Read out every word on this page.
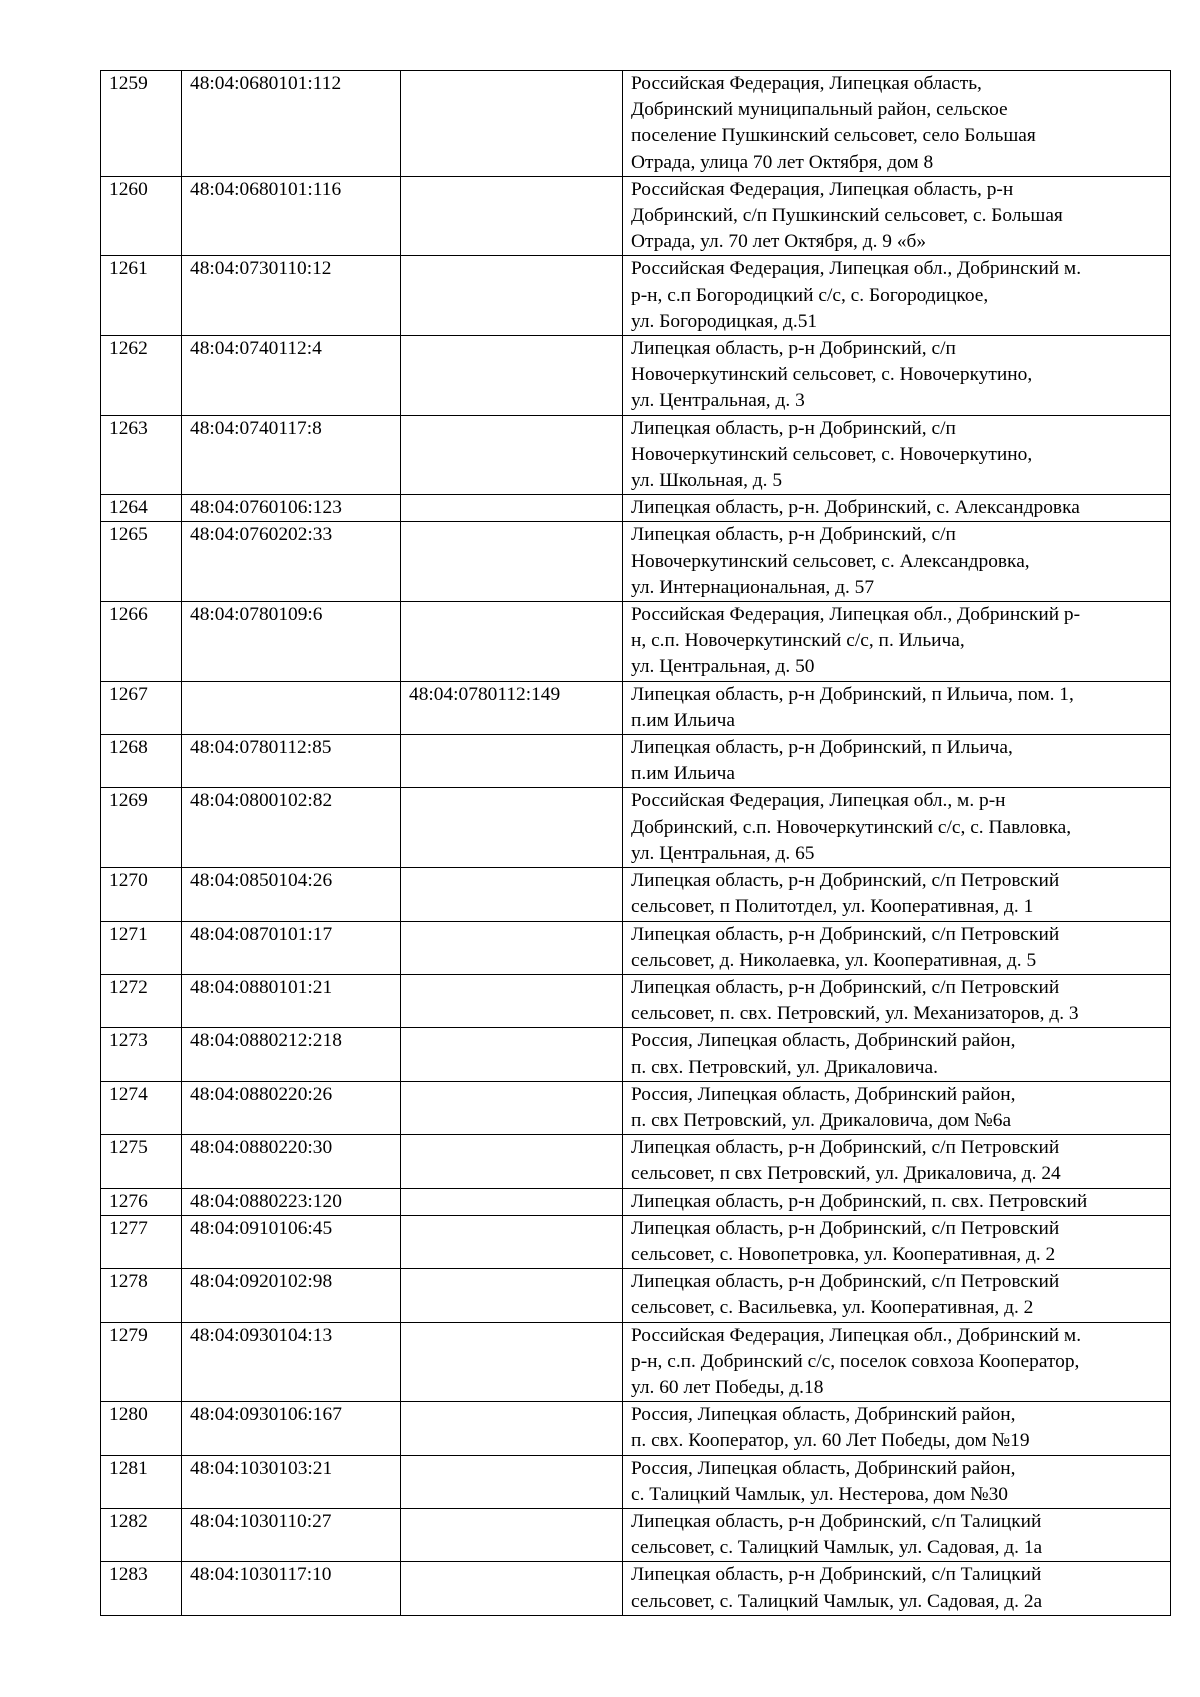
1259	48:04:0680101:112		Российская Федерация, Липецкая область,
Добринский муниципальный район, сельское
поселение Пушкинский сельсовет, село Большая
Отрада, улица 70 лет Октября, дом 8
1260	48:04:0680101:116		Российская Федерация, Липецкая область, р-н
Добринский, с/п Пушкинский сельсовет, с. Большая
Отрада, ул. 70 лет Октября, д. 9 «б»
1261	48:04:0730110:12		Российская Федерация, Липецкая обл., Добринский м.
р-н, с.п Богородицкий с/с, с. Богородицкое,
ул. Богородицкая, д.51
1262	48:04:0740112:4		Липецкая область, р-н Добринский, с/п
Новочеркутинский сельсовет, с. Новочеркутино,
ул. Центральная, д. 3
1263	48:04:0740117:8		Липецкая область, р-н Добринский, с/п
Новочеркутинский сельсовет, с. Новочеркутино,
ул. Школьная, д. 5
1264	48:04:0760106:123		Липецкая область, р-н. Добринский, с. Александровка
1265	48:04:0760202:33		Липецкая область, р-н Добринский, с/п
Новочеркутинский сельсовет, с. Александровка,
ул. Интернациональная, д. 57
1266	48:04:0780109:6		Российская Федерация, Липецкая обл., Добринский р-
н, с.п. Новочеркутинский с/с, п. Ильича,
ул. Центральная, д. 50
1267		48:04:0780112:149	Липецкая область, р-н Добринский, п Ильича, пом. 1,
п.им Ильича
1268	48:04:0780112:85		Липецкая область, р-н Добринский, п Ильича,
п.им Ильича
1269	48:04:0800102:82		Российская Федерация, Липецкая обл., м. р-н
Добринский, с.п. Новочеркутинский с/с, с. Павловка,
ул. Центральная, д. 65
1270	48:04:0850104:26		Липецкая область, р-н Добринский, с/п Петровский
сельсовет, п Политотдел, ул. Кооперативная, д. 1
1271	48:04:0870101:17		Липецкая область, р-н Добринский, с/п Петровский
сельсовет, д. Николаевка, ул. Кооперативная, д. 5
1272	48:04:0880101:21		Липецкая область, р-н Добринский, с/п Петровский
сельсовет, п. свх. Петровский, ул. Механизаторов, д. 3
1273	48:04:0880212:218		Россия, Липецкая область, Добринский район,
п. свх. Петровский, ул. Дрикаловича.
1274	48:04:0880220:26		Россия, Липецкая область, Добринский район,
п. свх Петровский, ул. Дрикаловича, дом №6а
1275	48:04:0880220:30		Липецкая область, р-н Добринский, с/п Петровский
сельсовет, п свх Петровский, ул. Дрикаловича, д. 24
1276	48:04:0880223:120		Липецкая область, р-н Добринский, п. свх. Петровский
1277	48:04:0910106:45		Липецкая область, р-н Добринский, с/п Петровский
сельсовет, с. Новопетровка, ул. Кооперативная, д. 2
1278	48:04:0920102:98		Липецкая область, р-н Добринский, с/п Петровский
сельсовет, с. Васильевка, ул. Кооперативная, д. 2
1279	48:04:0930104:13		Российская Федерация, Липецкая обл., Добринский м.
р-н, с.п. Добринский с/с, поселок совхоза Кооператор,
ул. 60 лет Победы, д.18
1280	48:04:0930106:167		Россия, Липецкая область, Добринский район,
п. свх. Кооператор, ул. 60 Лет Победы, дом №19
1281	48:04:1030103:21		Россия, Липецкая область, Добринский район,
с. Талицкий Чамлык, ул. Нестерова, дом №30
1282	48:04:1030110:27		Липецкая область, р-н Добринский, с/п Талицкий
сельсовет, с. Талицкий Чамлык, ул. Садовая, д. 1а
1283	48:04:1030117:10		Липецкая область, р-н Добринский, с/п Талицкий
сельсовет, с. Талицкий Чамлык, ул. Садовая, д. 2а
